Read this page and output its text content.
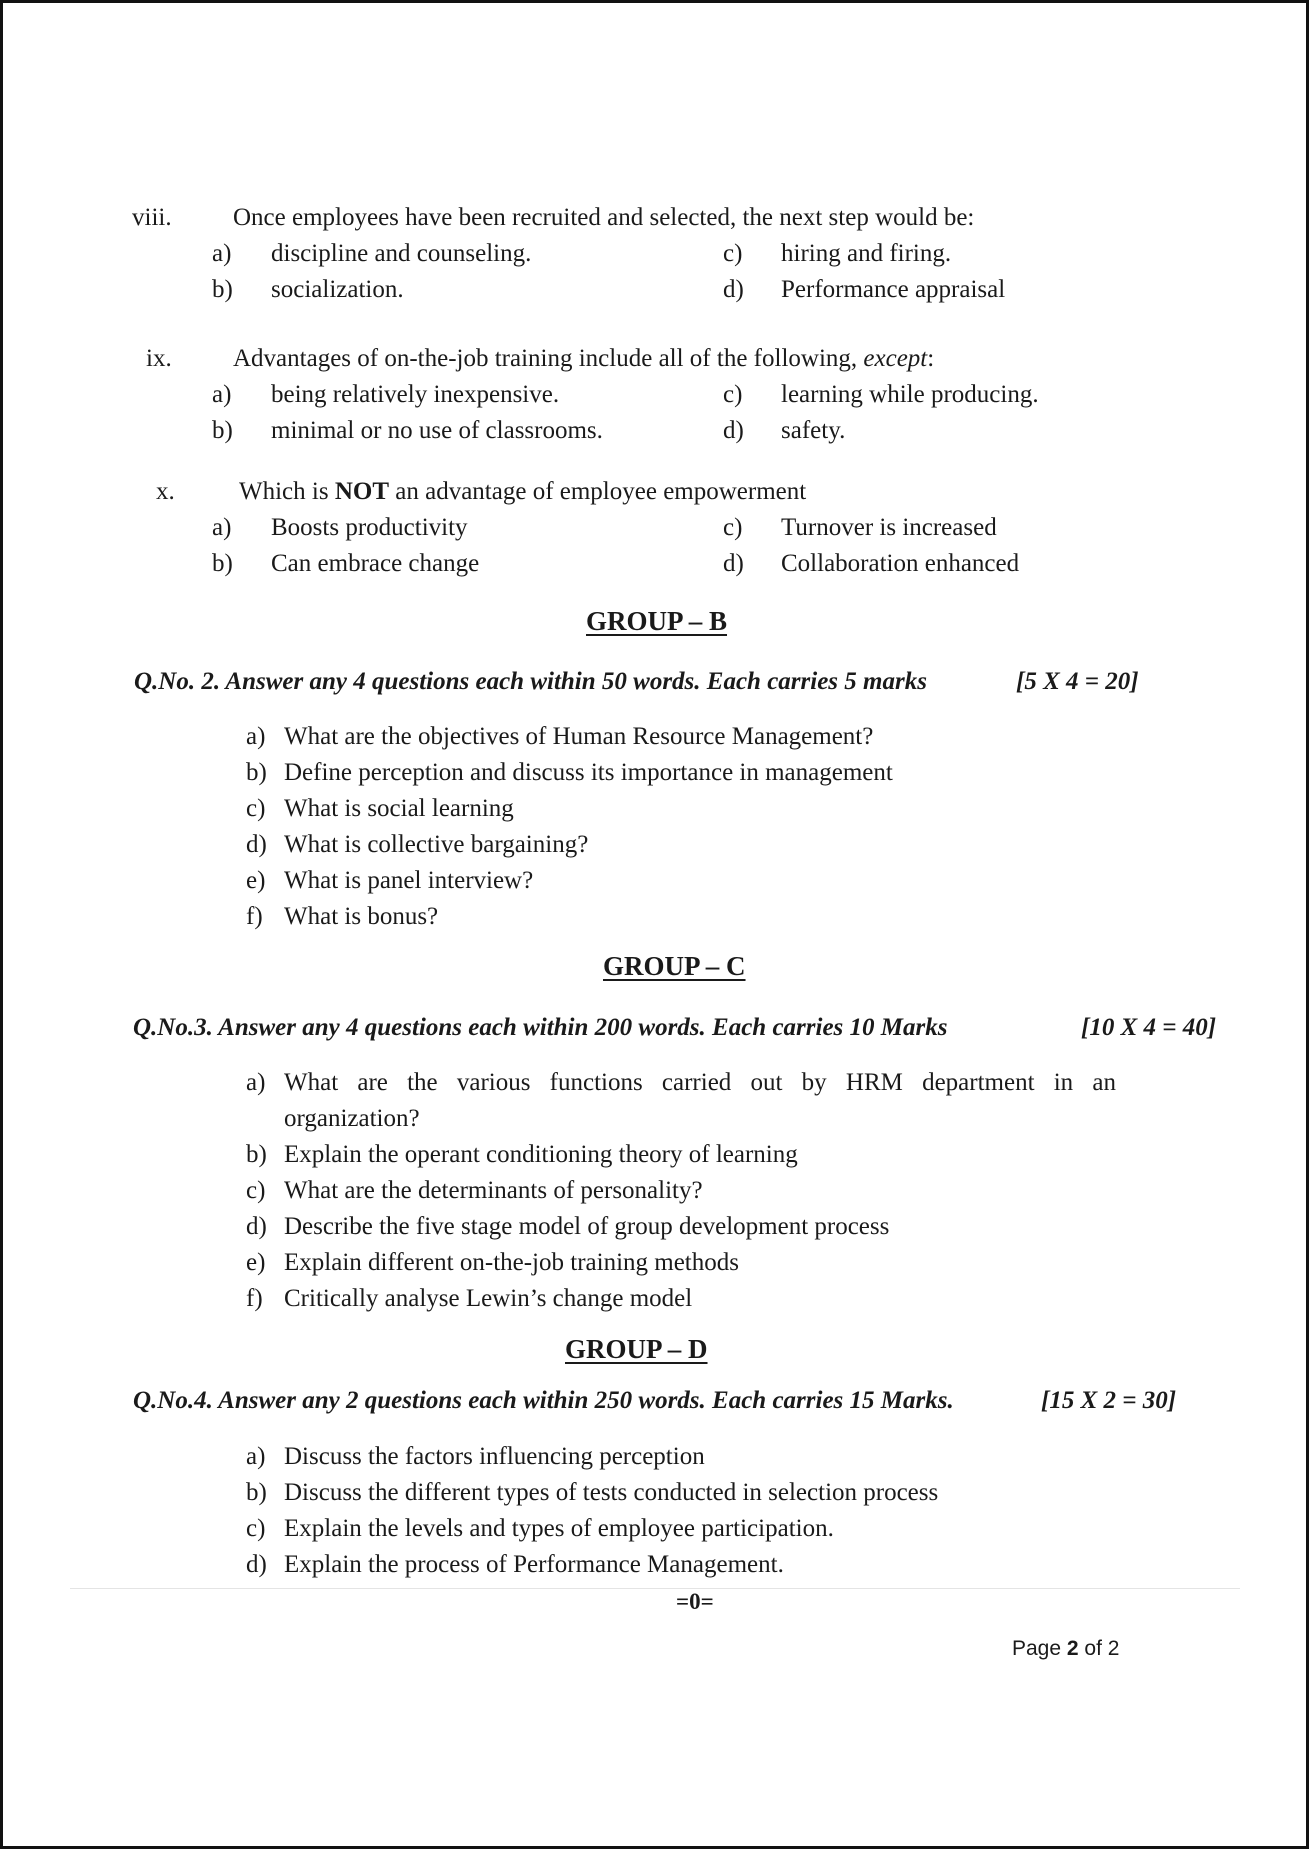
viii. Once employees have been recruited and selected, the next step would be:
a) discipline and counseling.	c) hiring and firing.
b) socialization.	d) Performance appraisal
ix. Advantages of on-the-job training include all of the following, except:
a) being relatively inexpensive.	c) learning while producing.
b) minimal or no use of classrooms.	d) safety.
x.	Which is NOT an advantage of employee empowerment
a) Boosts productivity	c) Turnover is increased
b) Can embrace change	d) Collaboration enhanced
GROUP – B
Q.No. 2. Answer any 4 questions each within 50 words. Each carries 5 marks	[5 X 4 = 20]
a) What are the objectives of Human Resource Management?
b) Define perception and discuss its importance in management
c) What is social learning
d) What is collective bargaining?
e) What is panel interview?
f) What is bonus?
GROUP – C
Q.No.3. Answer any 4 questions each within 200 words. Each carries 10 Marks	[10 X 4 = 40]
a) What are the various functions carried out by HRM department in an
organization?
b) Explain the operant conditioning theory of learning
c) What are the determinants of personality?
d) Describe the five stage model of group development process
e) Explain different on-the-job training methods
f) Critically analyse Lewin’s change model
GROUP – D
Q.No.4. Answer any 2 questions each within 250 words. Each carries 15 Marks.	[15 X 2 = 30]
a) Discuss the factors influencing perception
b) Discuss the different types of tests conducted in selection process
c) Explain the levels and types of employee participation.
d) Explain the process of Performance Management.
=0=
Page 2 of 2
